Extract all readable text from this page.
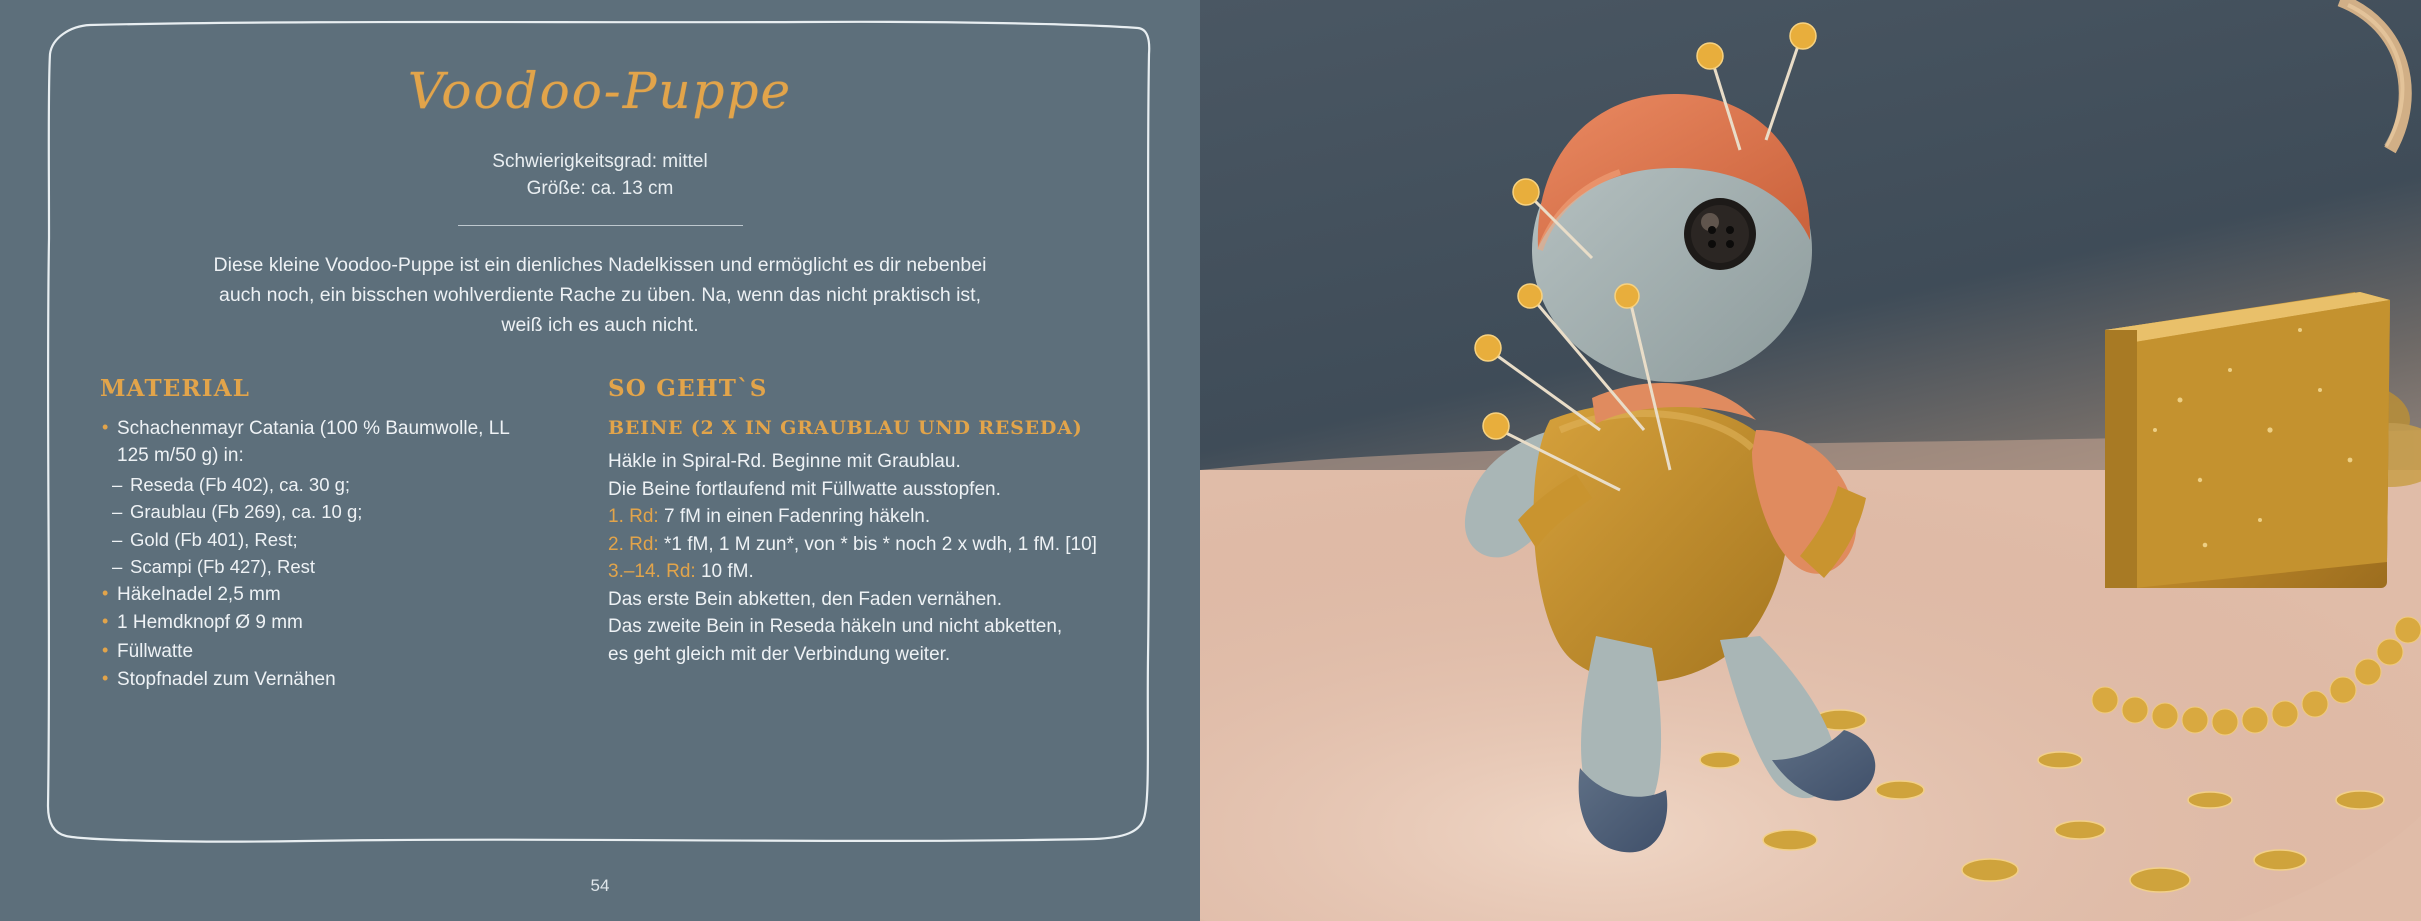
Voodoo-Puppe
Schwierigkeitsgrad: mittel
Größe: ca. 13 cm
Diese kleine Voodoo-Puppe ist ein dienliches Nadelkissen und ermöglicht es dir nebenbei auch noch, ein bisschen wohlverdiente Rache zu üben. Na, wenn das nicht praktisch ist, weiß ich es auch nicht.
MATERIAL
• Schachenmayr Catania (100 % Baumwolle, LL 125 m/50 g) in:
– Reseda (Fb 402), ca. 30 g;
– Graublau (Fb 269), ca. 10 g;
– Gold (Fb 401), Rest;
– Scampi (Fb 427), Rest
• Häkelnadel 2,5 mm
• 1 Hemdknopf Ø 9 mm
• Füllwatte
• Stopfnadel zum Vernähen
SO GEHT`S
BEINE (2 X IN GRAUBLAU UND RESEDA)

Häkle in Spiral-Rd. Beginne mit Graublau.

Die Beine fortlaufend mit Füllwatte ausstopfen.

1. Rd: 7 fM in einen Fadenring häkeln.

2. Rd: *1 fM, 1 M zun*, von * bis * noch 2 x wdh, 1 fM. [10]

3.–14. Rd: 10 fM.

Das erste Bein abketten, den Faden vernähen.

Das zweite Bein in Reseda häkeln und nicht abketten,

es geht gleich mit der Verbindung weiter.

54
